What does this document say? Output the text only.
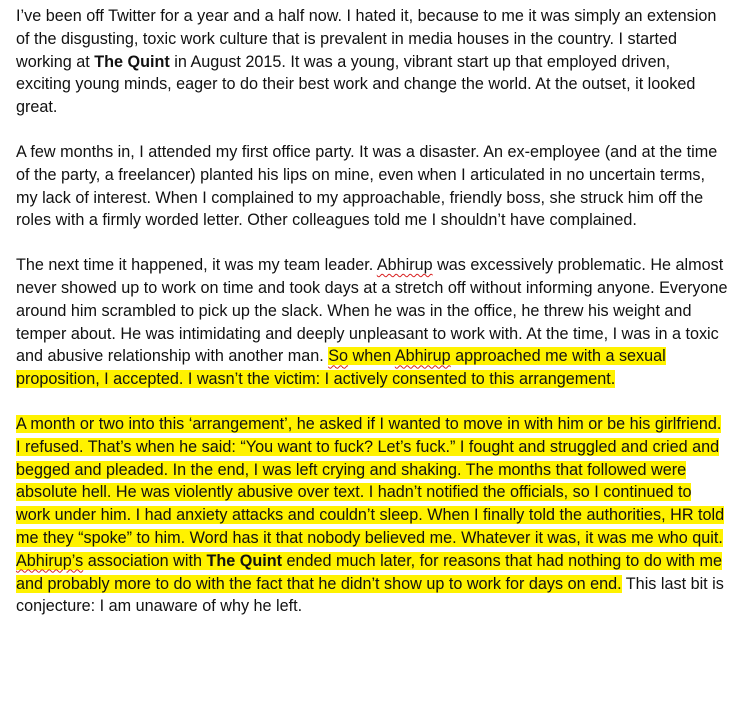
I’ve been off Twitter for a year and a half now. I hated it, because to me it was simply an extension of the disgusting, toxic work culture that is prevalent in media houses in the country. I started working at The Quint in August 2015. It was a young, vibrant start up that employed driven, exciting young minds, eager to do their best work and change the world. At the outset, it looked great.

A few months in, I attended my first office party. It was a disaster. An ex-employee (and at the time of the party, a freelancer) planted his lips on mine, even when I articulated in no uncertain terms, my lack of interest. When I complained to my approachable, friendly boss, she struck him off the roles with a firmly worded letter. Other colleagues told me I shouldn’t have complained.

The next time it happened, it was my team leader. Abhirup was excessively problematic. He almost never showed up to work on time and took days at a stretch off without informing anyone. Everyone around him scrambled to pick up the slack. When he was in the office, he threw his weight and temper about. He was intimidating and deeply unpleasant to work with. At the time, I was in a toxic and abusive relationship with another man. So when Abhirup approached me with a sexual proposition, I accepted. I wasn’t the victim: I actively consented to this arrangement.

A month or two into this ‘arrangement’, he asked if I wanted to move in with him or be his girlfriend. I refused. That’s when he said: “You want to fuck? Let’s fuck.” I fought and struggled and cried and begged and pleaded. In the end, I was left crying and shaking. The months that followed were absolute hell. He was violently abusive over text. I hadn’t notified the officials, so I continued to work under him. I had anxiety attacks and couldn’t sleep. When I finally told the authorities, HR told me they “spoke” to him. Word has it that nobody believed me. Whatever it was, it was me who quit. Abhirup’s association with The Quint ended much later, for reasons that had nothing to do with me and probably more to do with the fact that he didn’t show up to work for days on end. This last bit is conjecture: I am unaware of why he left.
